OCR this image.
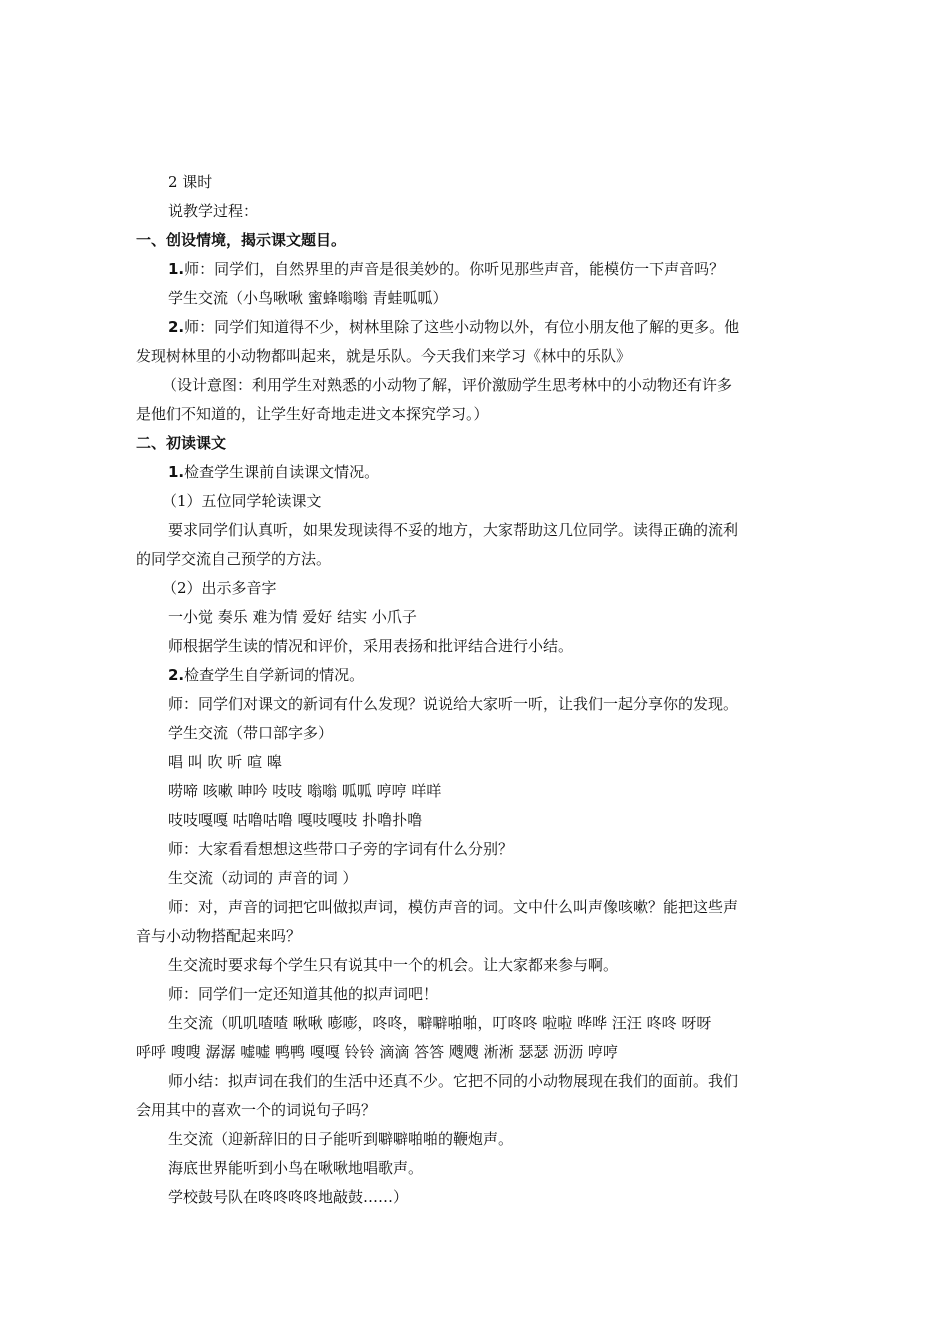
2 课时
说教学过程：
一、创设情境，揭示课文题目。
1.师：同学们，自然界里的声音是很美妙的。你听见那些声音，能模仿一下声音吗？
学生交流（小鸟啾啾 蜜蜂嗡嗡 青蛙呱呱）
2.师：同学们知道得不少，树林里除了这些小动物以外，有位小朋友他了解的更多。他
发现树林里的小动物都叫起来，就是乐队。今天我们来学习《林中的乐队》
（设计意图：利用学生对熟悉的小动物了解，评价激励学生思考林中的小动物还有许多
是他们不知道的，让学生好奇地走进文本探究学习。）
二、初读课文
1.检查学生课前自读课文情况。
（1）五位同学轮读课文
要求同学们认真听，如果发现读得不妥的地方，大家帮助这几位同学。读得正确的流利
的同学交流自己预学的方法。
（2）出示多音字
一小觉 奏乐 难为情 爱好 结实 小爪子
师根据学生读的情况和评价，采用表扬和批评结合进行小结。
2.检查学生自学新词的情况。
师：同学们对课文的新词有什么发现？说说给大家听一听，让我们一起分享你的发现。
学生交流（带口部字多）
唱 叫 吹 听 喧 嗥
唠啼 咳嗽 呻吟 吱吱 嗡嗡 呱呱 哼哼 咩咩
吱吱嘎嘎 咕噜咕噜 嘎吱嘎吱 扑噜扑噜
师：大家看看想想这些带口子旁的字词有什么分别？
生交流（动词的 声音的词 ）
师：对，声音的词把它叫做拟声词，模仿声音的词。文中什么叫声像咳嗽？能把这些声
音与小动物搭配起来吗？
生交流时要求每个学生只有说其中一个的机会。让大家都来参与啊。
师：同学们一定还知道其他的拟声词吧！
生交流（叽叽喳喳 啾啾 嘭嘭，咚咚，噼噼啪啪，叮咚咚 啦啦 哗哗 汪汪 咚咚 呀呀
呼呼 嗖嗖 潺潺 嘘嘘 鸭鸭 嘎嘎 铃铃 滴滴 答答 飕飕 淅淅 瑟瑟 沥沥 哼哼
师小结：拟声词在我们的生活中还真不少。它把不同的小动物展现在我们的面前。我们
会用其中的喜欢一个的词说句子吗？
生交流（迎新辞旧的日子能听到噼噼啪啪的鞭炮声。
海底世界能听到小鸟在啾啾地唱歌声。
学校鼓号队在咚咚咚咚地敲鼓……）
